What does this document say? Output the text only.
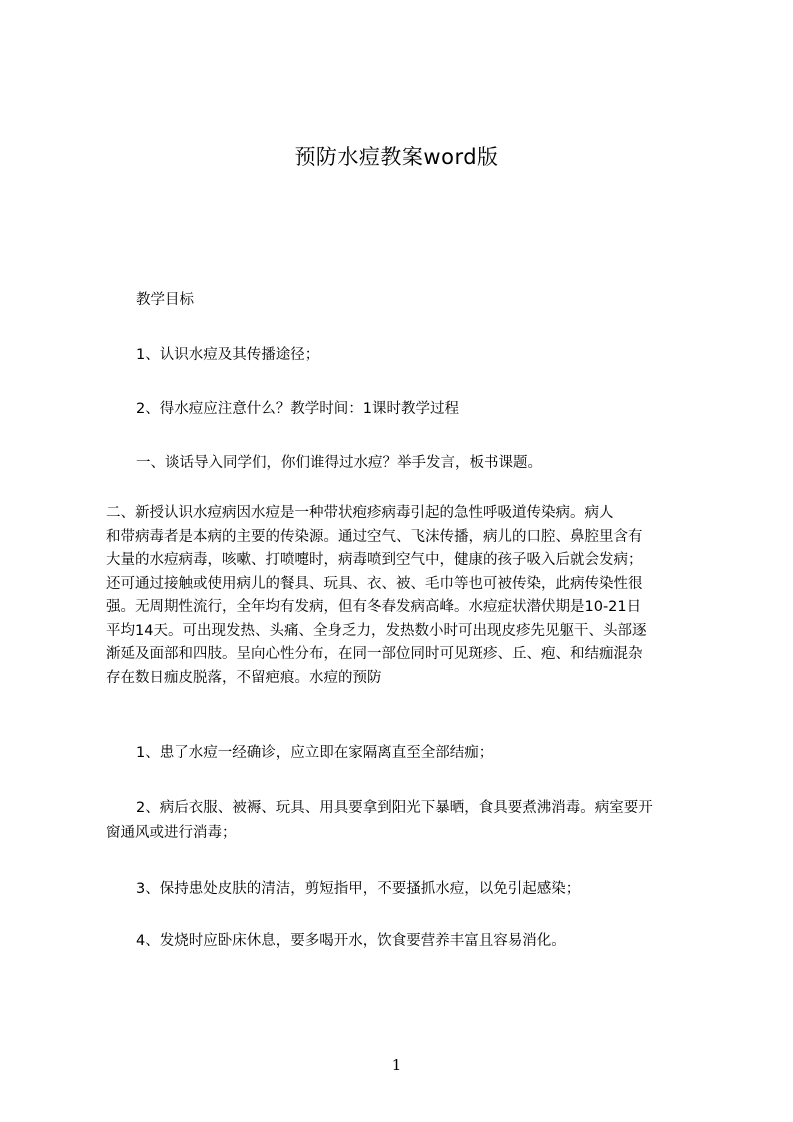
预防水痘教案word版
教学目标
1、认识水痘及其传播途径；
2、得水痘应注意什么？教学时间：1课时教学过程
一、谈话导入同学们，你们谁得过水痘？举手发言，板书课题。
二、新授认识水痘病因水痘是一种带状疱疹病毒引起的急性呼吸道传染病。病人
和带病毒者是本病的主要的传染源。通过空气、飞沫传播，病儿的口腔、鼻腔里含有
大量的水痘病毒，咳嗽、打喷嚏时，病毒喷到空气中，健康的孩子吸入后就会发病；
还可通过接触或使用病儿的餐具、玩具、衣、被、毛巾等也可被传染，此病传染性很
强。无周期性流行，全年均有发病，但有冬春发病高峰。水痘症状潜伏期是10-21日
平均14天。可出现发热、头痛、全身乏力，发热数小时可出现皮疹先见躯干、头部逐
渐延及面部和四肢。呈向心性分布，在同一部位同时可见斑疹、丘、疱、和结痂混杂
存在数日痂皮脱落，不留疤痕。水痘的预防
1、患了水痘一经确诊，应立即在家隔离直至全部结痂；
2、病后衣服、被褥、玩具、用具要拿到阳光下暴晒，食具要煮沸消毒。病室要开
窗通风或进行消毒；
3、保持患处皮肤的清洁，剪短指甲，不要搔抓水痘，以免引起感染；
4、发烧时应卧床休息，要多喝开水，饮食要营养丰富且容易消化。
1
